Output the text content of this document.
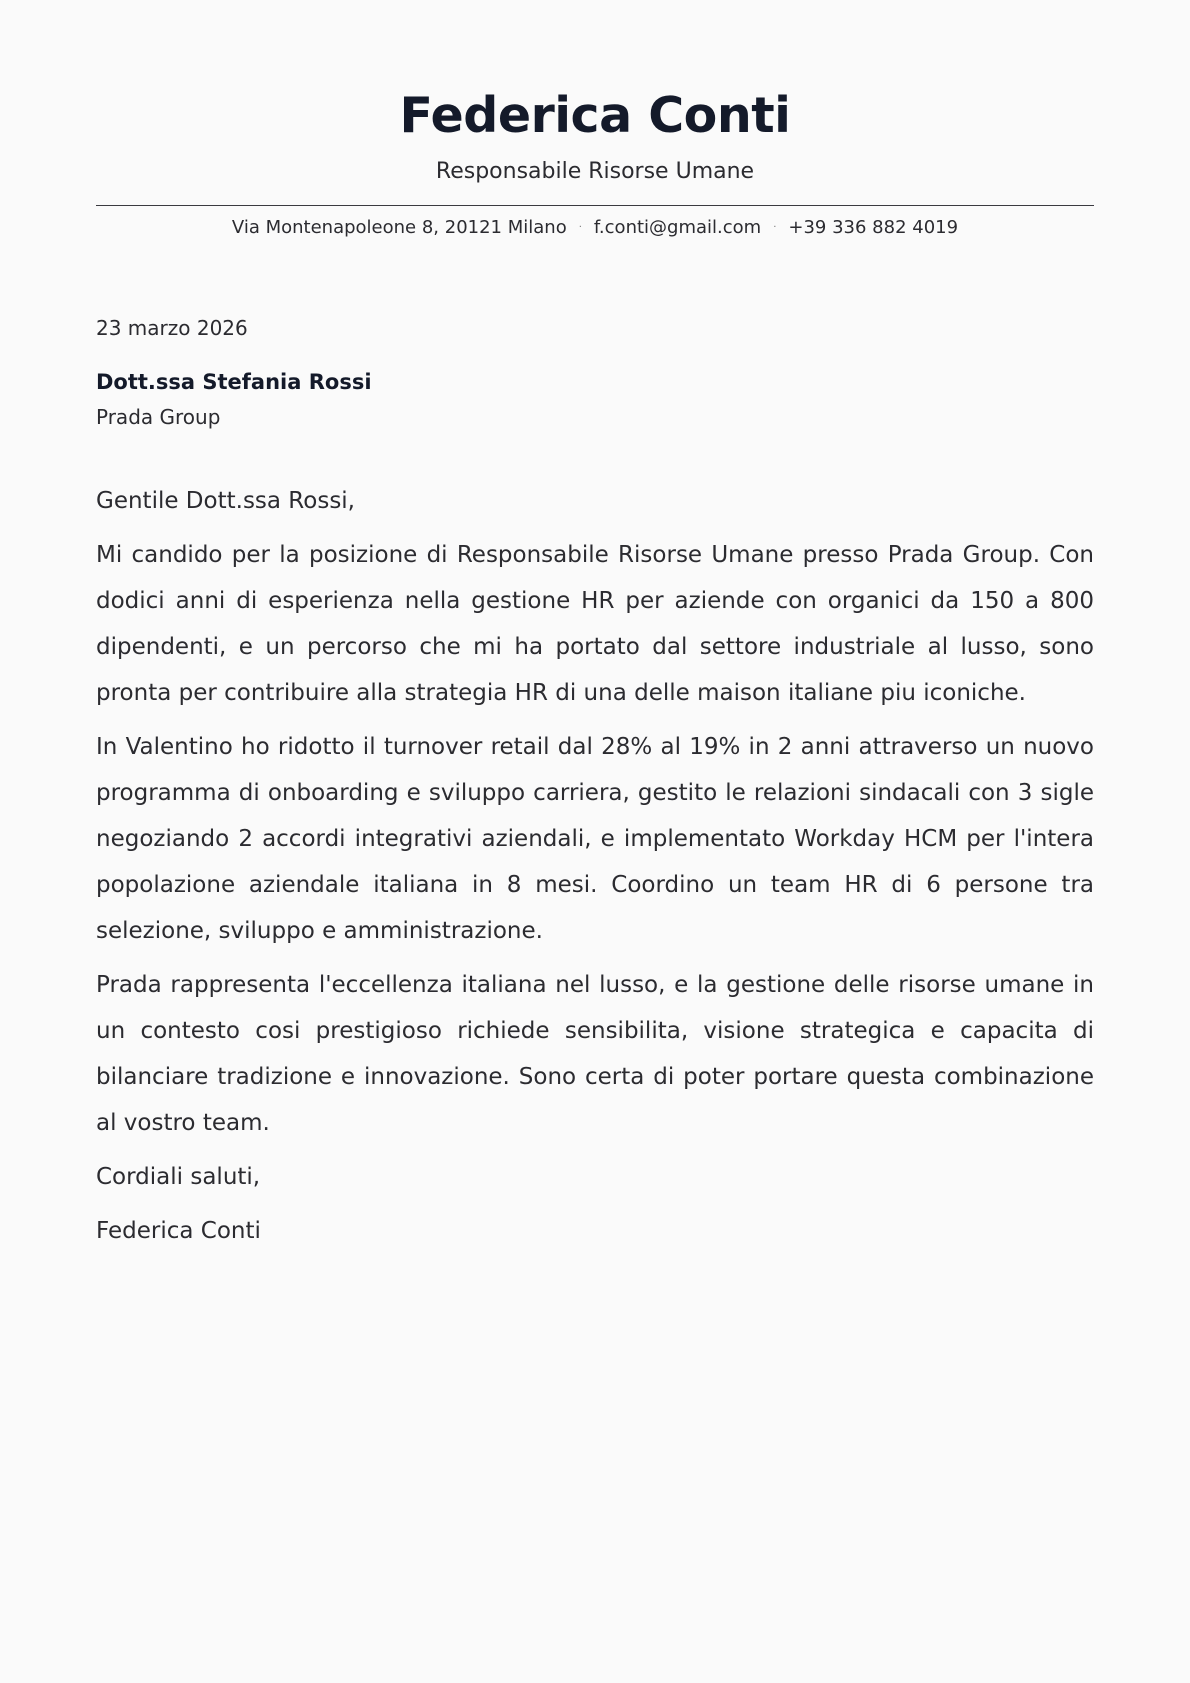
Federica Conti
Responsabile Risorse Umane
Via Montenapoleone 8, 20121 Milano · f.conti@gmail.com · +39 336 882 4019
23 marzo 2026
Dott.ssa Stefania Rossi
Prada Group

Gentile Dott.ssa Rossi,

Mi candido per la posizione di Responsabile Risorse Umane presso Prada Group. Con dodici anni di esperienza nella gestione HR per aziende con organici da 150 a 800 dipendenti, e un percorso che mi ha portato dal settore industriale al lusso, sono pronta per contribuire alla strategia HR di una delle maison italiane piu iconiche.

In Valentino ho ridotto il turnover retail dal 28% al 19% in 2 anni attraverso un nuovo programma di onboarding e sviluppo carriera, gestito le relazioni sindacali con 3 sigle negoziando 2 accordi integrativi aziendali, e implementato Workday HCM per l'intera popolazione aziendale italiana in 8 mesi. Coordino un team HR di 6 persone tra selezione, sviluppo e amministrazione.

Prada rappresenta l'eccellenza italiana nel lusso, e la gestione delle risorse umane in un contesto cosi prestigioso richiede sensibilita, visione strategica e capacita di bilanciare tradizione e innovazione. Sono certa di poter portare questa combinazione al vostro team.

Cordiali saluti,

Federica Conti
